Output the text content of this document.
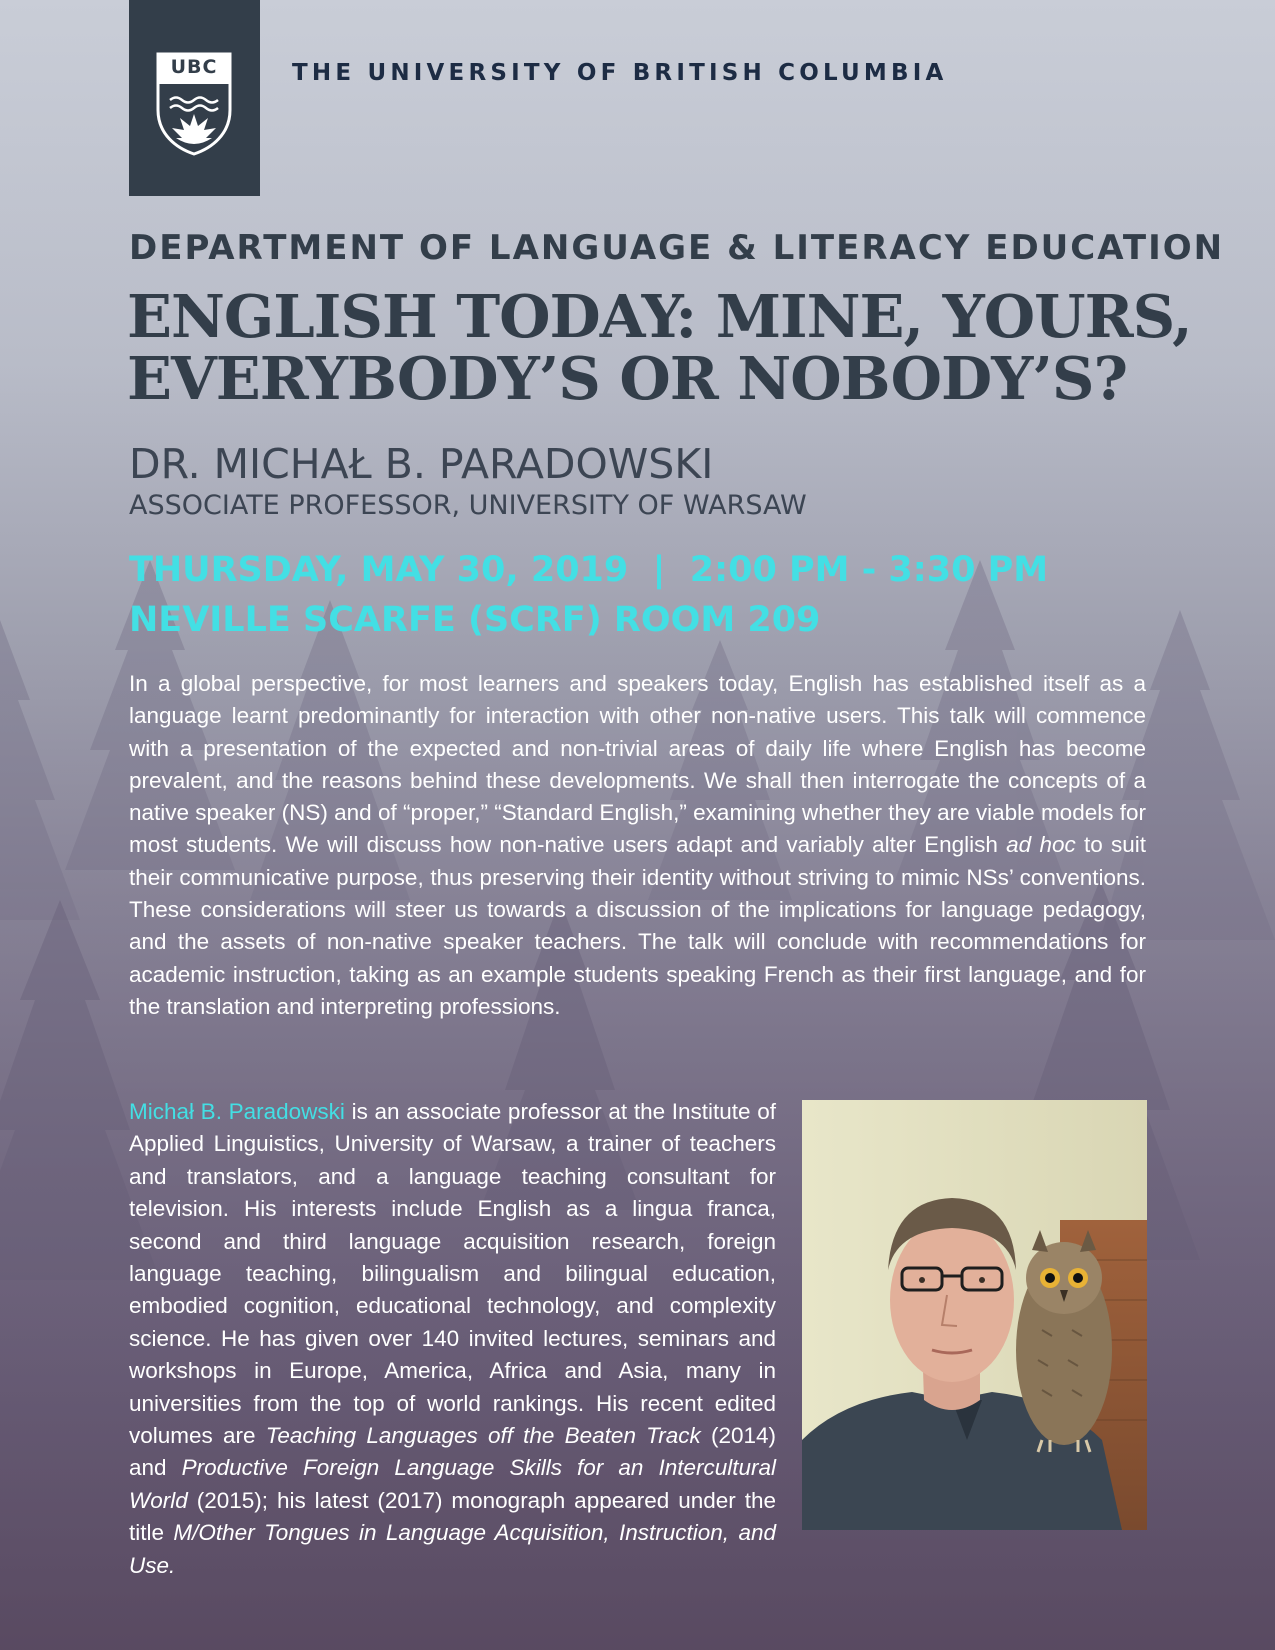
UBC	THE UNIVERSITY OF BRITISH COLUMBIA
DEPARTMENT OF LANGUAGE & LITERACY EDUCATION
ENGLISH TODAY: MINE, YOURS,
EVERYBODY’S OR NOBODY’S?
DR. MICHAŁ B. PARADOWSKI
ASSOCIATE PROFESSOR, UNIVERSITY OF WARSAW
THURSDAY, MAY 30, 2019  |  2:00 PM - 3:30 PM
NEVILLE SCARFE (SCRF) ROOM 209
In a global perspective, for most learners and speakers today, English has established itself as a language learnt predominantly for interaction with other non-native users. This talk will commence with a presentation of the expected and non-trivial areas of daily life where English has become prevalent, and the reasons behind these developments. We shall then interrogate the concepts of a native speaker (NS) and of “proper,” “Standard English,” examining whether they are viable models for most students. We will discuss how non-native users adapt and variably alter English ad hoc to suit their communicative purpose, thus preserving their identity without striving to mimic NSs’ conventions. These considerations will steer us towards a discussion of the implications for language pedagogy, and the assets of non-native speaker teachers. The talk will conclude with recommendations for academic instruction, taking as an example students speaking French as their first language, and for the translation and interpreting professions.
Michał B. Paradowski is an associate professor at the Institute of Applied Linguistics, University of Warsaw, a trainer of teachers and translators, and a language teaching consultant for television. His interests include English as a lingua franca, second and third language acquisition research, foreign language teaching, bilingualism and bilingual education, embodied cognition, educational technology, and complexity science. He has given over 140 invited lectures, seminars and workshops in Europe, America, Africa and Asia, many in universities from the top of world rankings. His recent edited volumes are Teaching Languages off the Beaten Track (2014) and Productive Foreign Language Skills for an Intercultural World (2015); his latest (2017) monograph appeared under the title M/Other Tongues in Language Acquisition, Instruction, and Use.
